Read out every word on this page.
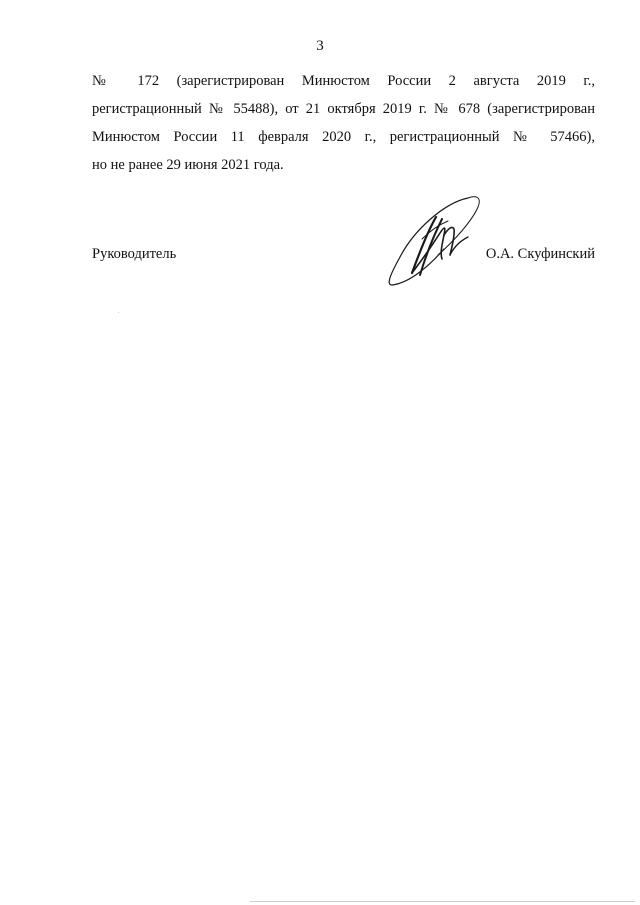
3
№ 172 (зарегистрирован Минюстом России 2 августа 2019 г.,
регистрационный № 55488), от 21 октября 2019 г. № 678 (зарегистрирован
Минюстом России 11 февраля 2020 г., регистрационный № 57466),
но не ранее 29 июня 2021 года.
Руководитель	О.А. Скуфинский
